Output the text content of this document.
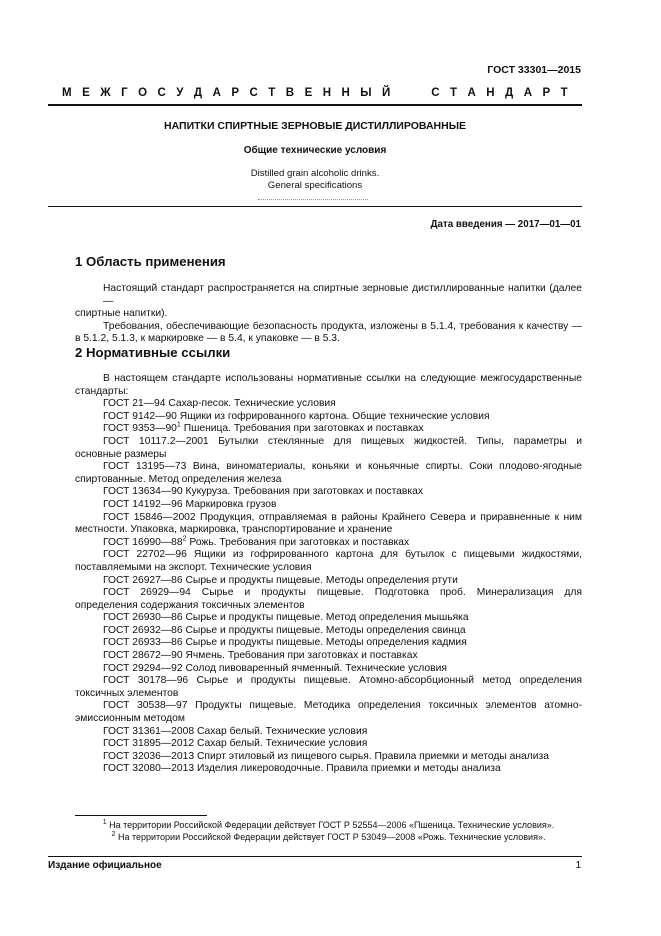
ГОСТ 33301—2015
М Е Ж Г О С У Д А Р С Т В Е Н Н Ы Й	С Т А Н Д А Р Т
НАПИТКИ СПИРТНЫЕ ЗЕРНОВЫЕ ДИСТИЛЛИРОВАННЫЕ
Общие технические условия
Distilled grain alcoholic drinks.
General specifications
Дата введения — 2017—01—01
1 Область применения
Настоящий стандарт распространяется на спиртные зерновые дистиллированные напитки (далее —
спиртные напитки).
Требования, обеспечивающие безопасность продукта, изложены в 5.1.4, требования к качеству —
в 5.1.2, 5.1.3, к маркировке — в 5.4, к упаковке — в 5.3.
2 Нормативные ссылки
В настоящем стандарте использованы нормативные ссылки на следующие межгосударственные
стандарты:
ГОСТ 21—94 Сахар-песок. Технические условия
ГОСТ 9142—90 Ящики из гофрированного картона. Общие технические условия
ГОСТ $9353—90^1$ Пшеница. Требования при заготовках и поставках
ГОСТ 10117.2—2001 Бутылки стеклянные для пищевых жидкостей. Типы, параметры и
основные размеры
ГОСТ 13195—73 Вина, виноматериалы, коньяки и коньячные спирты. Соки плодово-ягодные
спиртованные. Метод определения железа
ГОСТ 13634—90 Кукуруза. Требования при заготовках и поставках
ГОСТ 14192—96 Маркировка грузов
ГОСТ 15846—2002 Продукция, отправляемая в районы Крайнего Севера и приравненные к ним
местности. Упаковка, маркировка, транспортирование и хранение
ГОСТ $16990—88^2$ Рожь. Требования при заготовках и поставках
ГОСТ 22702—96 Ящики из гофрированного картона для бутылок с пищевыми жидкостями,
поставляемыми на экспорт. Технические условия
ГОСТ 26927—86 Сырье и продукты пищевые. Методы определения ртути
ГОСТ 26929—94 Сырье и продукты пищевые. Подготовка проб. Минерализация для
определения содержания токсичных элементов
ГОСТ 26930—86 Сырье и продукты пищевые. Метод определения мышьяка
ГОСТ 26932—86 Сырье и продукты пищевые. Методы определения свинца
ГОСТ 26933—86 Сырье и продукты пищевые. Методы определения кадмия
ГОСТ 28672—90 Ячмень. Требования при заготовках и поставках
ГОСТ 29294—92 Солод пивоваренный ячменный. Технические условия
ГОСТ 30178—96 Сырье и продукты пищевые. Атомно-абсорбционный метод определения
токсичных элементов
ГОСТ 30538—97 Продукты пищевые. Методика определения токсичных элементов атомно-
эмиссионным методом
ГОСТ 31361—2008 Сахар белый. Технические условия
ГОСТ 31895—2012 Сахар белый. Технические условия
ГОСТ 32036—2013 Спирт этиловый из пищевого сырья. Правила приемки и методы анализа
ГОСТ 32080—2013 Изделия ликероводочные. Правила приемки и методы анализа
$^1$ На территории Российской Федерации действует ГОСТ Р 52554—2006 «Пшеница. Технические условия».
$^2$ На территории Российской Федерации действует ГОСТ Р 53049—2008 «Рожь. Технические условия».
Издание официальное	1
